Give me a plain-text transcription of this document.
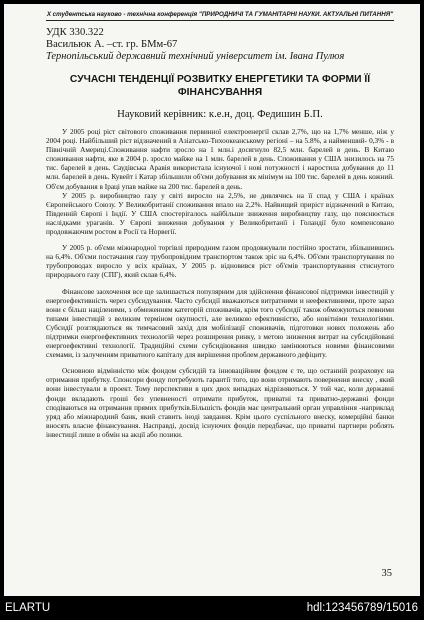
Х студентська науково - технічна конференція "ПРИРОДНИЧІ ТА ГУМАНІТАРНІ НАУКИ. АКТУАЛЬНІ ПИТАННЯ"

УДК 330.322

Васильюк А. –ст. гр. БМм-67

Тернопільський державний технічний університет ім. Івана Пулюя

СУЧАСНІ ТЕНДЕНЦІЇ РОЗВИТКУ ЕНЕРГЕТИКИ ТА ФОРМИ ЇЇ
ФІНАНСУВАННЯ

Науковий керівник: к.е.н, доц. Федишин Б.П.

У 2005 році ріст світового споживання первинної електроенергії склав 2,7%, що на 1,7% менше, ніж у 2004 році. Найбільший ріст відзначений в Азіатсько-Тихоокеанському регіоні – на 5.8%, а найменший- 0,3% - в Північній Америці.Споживання нафти зросло на 1 млн.і досягнуло 82,5 млн. барелей в день. В Китаю споживання нафти, яке в 2004 р. зросло майже на 1 млн. барелей в день. Споживання у США знизилось на 75 тис. барелей в день. Саудівська Аравія використала існуючої і нові потужності і наростила добування до 11 млн. барелей в день. Кувейт і Катар збільшили об'єми добування як мінімум на 100 тис. барелей в день кожний. Об'єм добування в Іраці упав майже на 200 тис. барелей в день.

У 2005 р. виробництво газу у світі виросло на 2,5%, не дивлячись на її спад у США і країнах Європейського Союзу. У Великобританії споживання впало на 2,2%. Найвищий приріст відзначений в Китаю, Південній Європі і Індії. У США спостерігалось найбільше зниження виробництву газу, що пояснюється наслідками ураганів. У Європі зниження добування у Великобританії і Голандії було компенсовано продовжаючим ростом в Росії та Норвегії.

У 2005 р. об'єми міжнародної торгівлі природним газом продовжували постійно зростати, збільшившись на 6,4%. Об'єми постачання газу трубопровідним транспортом також зріс на 6,4%. Об'єми транспортування по трубопроводах виросло у всіх країнах, У 2005 р. відновився ріст об'ємів транспортування стиснутого природнього газу (СПГ), який склав 6,4%.

Фінансове заохочення все ще залишається популярним для здійснення фінансової підтримки інвестицій у енергоефективність через субсидування. Часто субсидії вважаються витратними и неефективними, проте зараз вони є більш націленими, з обмеженням категорій споживачів, крім того субсидії також обмежуються певними типами інвестицій з великим терміном окупності, але великою ефективністю, або новітніми технологіями. Субсидії розглядаються як тимчасовий захід для мобілізації споживачів, підготовки нових положень або підтримки енергоефективних технологій через розширення ринку, з метою зниження витрат на субсидійовані енергоефективні технології. Традиційні схеми субсидіювання швидко замінюються новими фінансовими схемами, із залученням приватного капіталу для вирішення проблем державного дефіциту.

Основною відмінністю між фондом субсидій та інноваційним фондом є те, що останній розраховує на отримання прибутку. Спонсори фонду потребують гарантії того, що вони отримають повернення внеску , який вони інвестували в проект. Тому перспективи в цих двох випадках відрізняються. У той час, коли державні фонди вкладають гроші без упевненості отримати прибуток, приватні та приватно-державні фонди сподіваються на отримання прямих прибутків.Більшість фондів має центральний орган управління -наприклад уряд або міжнародний банк, який ставить іноді завдання. Крім цього суспільного внеску, комерційні банки вносять власне фінансування. Насправді, досвід існуючих фондів передбачає, що приватні партнери роблять інвестиції лише в обмін на акції або позики.

35
ELARTU	hdl:123456789/15016
